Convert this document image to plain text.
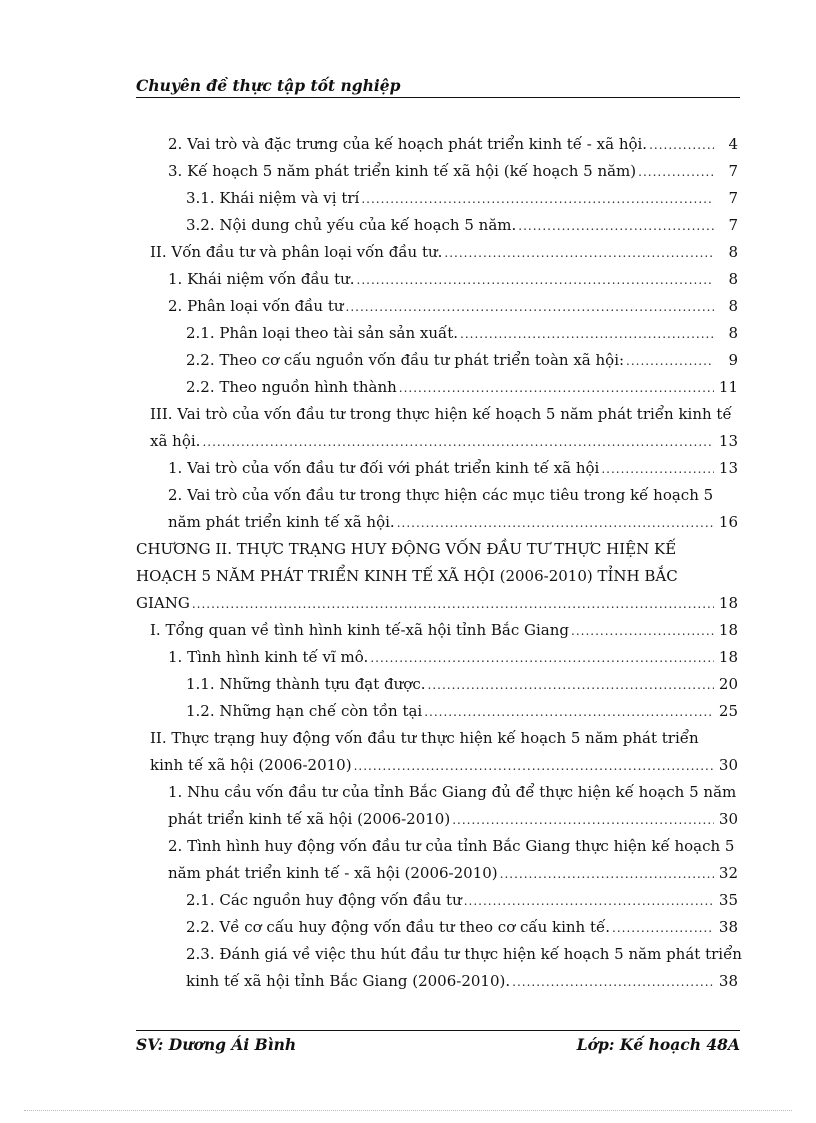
Chuyên đề thực tập tốt nghiệp
2. Vai trò và đặc trưng của kế hoạch phát triển kinh tế - xã hội. .....	4
3. Kế hoạch 5 năm phát triển kinh tế xã hội (kế hoạch 5 năm) .....	7
3.1. Khái niệm và vị trí .....	7
3.2. Nội dung chủ yếu của kế hoạch 5 năm. .....	7
II. Vốn đầu tư và phân loại vốn đầu tư. .....	8
1. Khái niệm vốn đầu tư. .....	8
2. Phân loại vốn đầu tư .....	8
2.1. Phân loại theo tài sản sản xuất. .....	8
2.2. Theo cơ cấu nguồn vốn đầu tư phát triển toàn xã hội: .....	9
2.2. Theo nguồn hình thành .....	11
III. Vai trò của vốn đầu tư trong thực hiện kế hoạch 5 năm phát triển kinh tế
xã hội. .....	13
1. Vai trò của vốn đầu tư đối với phát triển kinh tế xã hội .....	13
2. Vai trò của vốn đầu tư trong thực hiện các mục tiêu trong kế hoạch 5
năm phát triển kinh tế xã hội. .....	16
CHƯƠNG II. THỰC TRẠNG HUY ĐỘNG VỐN ĐẦU TƯ THỰC HIỆN KẾ
HOẠCH 5 NĂM PHÁT TRIỂN KINH TẾ XÃ HỘI (2006-2010) TỈNH BẮC
GIANG .....	18
I. Tổng quan về tình hình kinh tế-xã hội tỉnh Bắc Giang .....	18
1. Tình hình kinh tế vĩ mô. .....	18
1.1. Những thành tựu đạt được. .....	20
1.2. Những hạn chế còn tồn tại .....	25
II. Thực trạng huy động vốn đầu tư thực hiện kế hoạch 5 năm phát triển
kinh tế xã hội (2006-2010) .....	30
1. Nhu cầu vốn đầu tư của tỉnh Bắc Giang đủ để thực hiện kế hoạch 5 năm
phát triển kinh tế xã hội (2006-2010) .....	30
2. Tình hình huy động vốn đầu tư của tỉnh Bắc Giang thực hiện kế hoạch 5
năm phát triển kinh tế - xã hội (2006-2010) .....	32
2.1. Các nguồn huy động vốn đầu tư .....	35
2.2. Về cơ cấu huy động vốn đầu tư theo cơ cấu kinh tế. .....	38
2.3. Đánh giá về việc thu hút đầu tư thực hiện kế hoạch 5 năm phát triển
kinh tế xã hội tỉnh Bắc Giang (2006-2010). .....	38
SV: Dương Ái Bình	Lớp: Kế hoạch 48A
